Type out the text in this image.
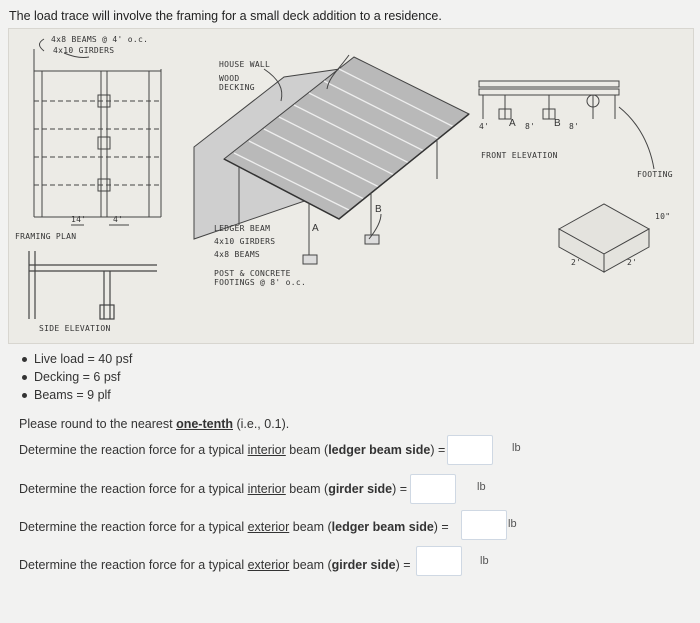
The load trace will involve the framing for a small deck addition to a residence.
4x8 BEAMS @ 4' o.c.
4x10 GIRDERS
14'	4'
FRAMING PLAN
SIDE ELEVATION
HOUSE WALL
WOOD
DECKING
LEDGER BEAM
4x10 GIRDERS
4x8 BEAMS
POST & CONCRETE
FOOTINGS @ 8' o.c.
A
B
4' A 8' B 8'
FRONT ELEVATION
FOOTING
10"
2'	2'
Live load = 40 psf
Decking = 6 psf
Beams = 9 plf
Please round to the nearest one-tenth (i.e., 0.1).
Determine the reaction force for a typical interior beam (ledger beam side) =	lb
Determine the reaction force for a typical interior beam (girder side) =	lb
Determine the reaction force for a typical exterior beam (ledger beam side) =	lb
Determine the reaction force for a typical exterior beam (girder side) =	lb
